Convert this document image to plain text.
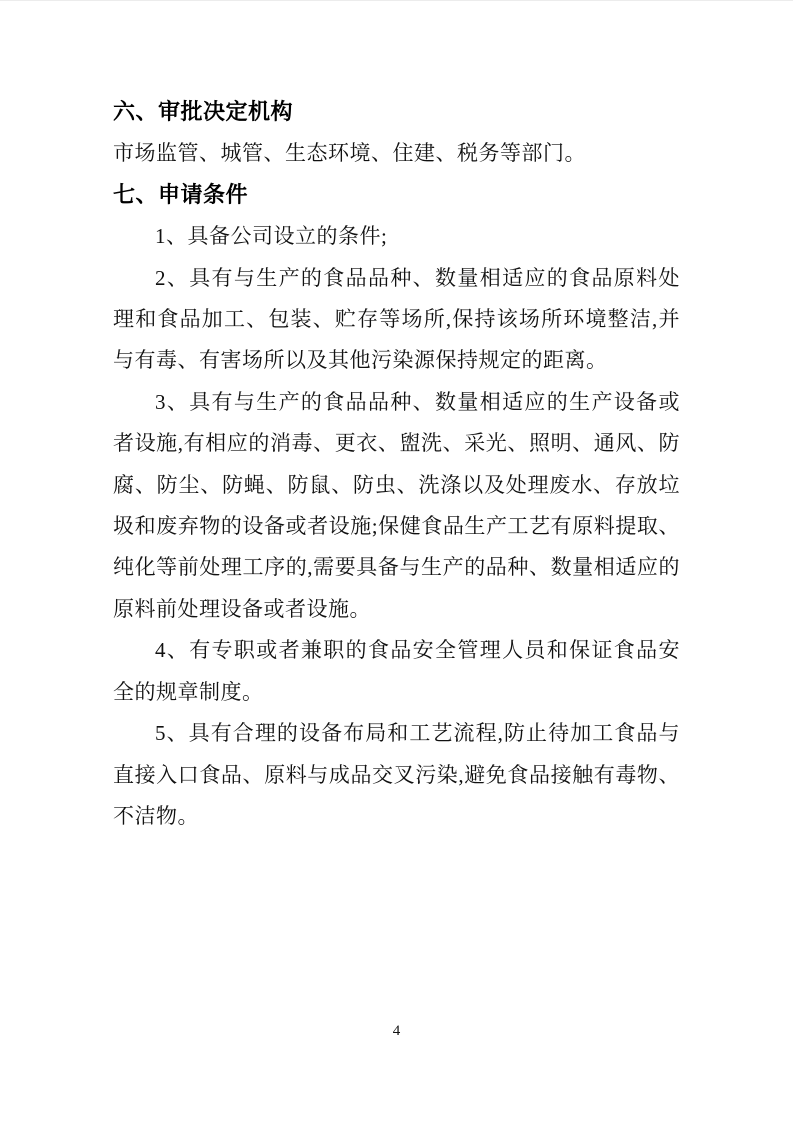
六、审批决定机构

市场监管、城管、生态环境、住建、税务等部门。

七、申请条件

1、具备公司设立的条件;

2、具有与生产的食品品种、数量相适应的食品原料处理和食品加工、包装、贮存等场所,保持该场所环境整洁,并与有毒、有害场所以及其他污染源保持规定的距离。

3、具有与生产的食品品种、数量相适应的生产设备或者设施,有相应的消毒、更衣、盥洗、采光、照明、通风、防腐、防尘、防蝇、防鼠、防虫、洗涤以及处理废水、存放垃圾和废弃物的设备或者设施;保健食品生产工艺有原料提取、纯化等前处理工序的,需要具备与生产的品种、数量相适应的原料前处理设备或者设施。

4、有专职或者兼职的食品安全管理人员和保证食品安全的规章制度。

5、具有合理的设备布局和工艺流程,防止待加工食品与直接入口食品、原料与成品交叉污染,避免食品接触有毒物、不洁物。

4
